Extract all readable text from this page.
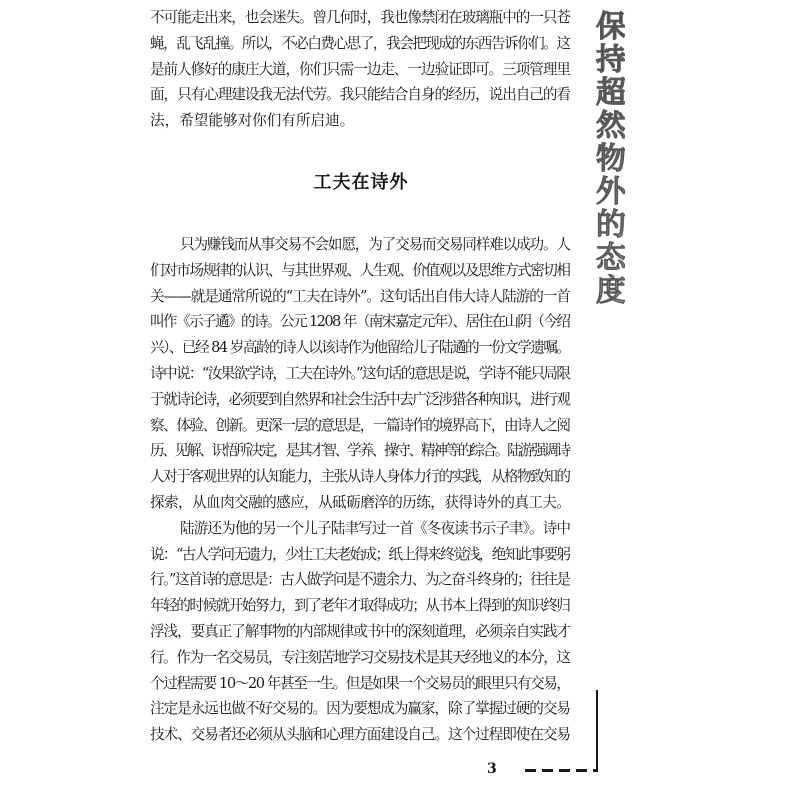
不可能走出来，也会迷失。曾几何时，我也像禁闭在玻璃瓶中的一只苍
蝇，乱飞乱撞。所以，不必白费心思了，我会把现成的东西告诉你们。这
是前人修好的康庄大道，你们只需一边走、一边验证即可。三项管理里
面，只有心理建设我无法代劳。我只能结合自身的经历，说出自己的看
法，希望能够对你们有所启迪。
工夫在诗外
只为赚钱而从事交易不会如愿，为了交易而交易同样难以成功。人
们对市场规律的认识、与其世界观、人生观、价值观以及思维方式密切相
关——就是通常所说的“工夫在诗外”。这句话出自伟大诗人陆游的一首
叫作《示子遹》的诗。公元 1208 年（南宋嘉定元年）、居住在山阴（今绍
兴）、已经 84 岁高龄的诗人以该诗作为他留给儿子陆遹的一份文学遗嘱。
诗中说：“汝果欲学诗，工夫在诗外。”这句话的意思是说，学诗不能只局限
于就诗论诗，必须要到自然界和社会生活中去广泛涉猎各种知识，进行观
察、体验、创新。更深一层的意思是，一篇诗作的境界高下，由诗人之阅
历、见解、识悟所决定，是其才智、学养、操守、精神等的综合。陆游强调诗
人对于客观世界的认知能力，主张从诗人身体力行的实践，从格物致知的
探索，从血肉交融的感应，从砥砺磨淬的历练，获得诗外的真工夫。
陆游还为他的另一个儿子陆聿写过一首《冬夜读书示子聿》。诗中
说：“古人学问无遗力，少壮工夫老始成；纸上得来终觉浅，绝知此事要躬
行。”这首诗的意思是：古人做学问是不遗余力、为之奋斗终身的；往往是
年轻的时候就开始努力，到了老年才取得成功；从书本上得到的知识终归
浮浅，要真正了解事物的内部规律或书中的深刻道理，必须亲自实践才
行。作为一名交易员，专注刻苦地学习交易技术是其天经地义的本分，这
个过程需要 10～20 年甚至一生。但是如果一个交易员的眼里只有交易，
注定是永远也做不好交易的。因为要想成为赢家，除了掌握过硬的交易
技术、交易者还必须从头脑和心理方面建设自己。这个过程即使在交易
保持超然物外的态度
3
